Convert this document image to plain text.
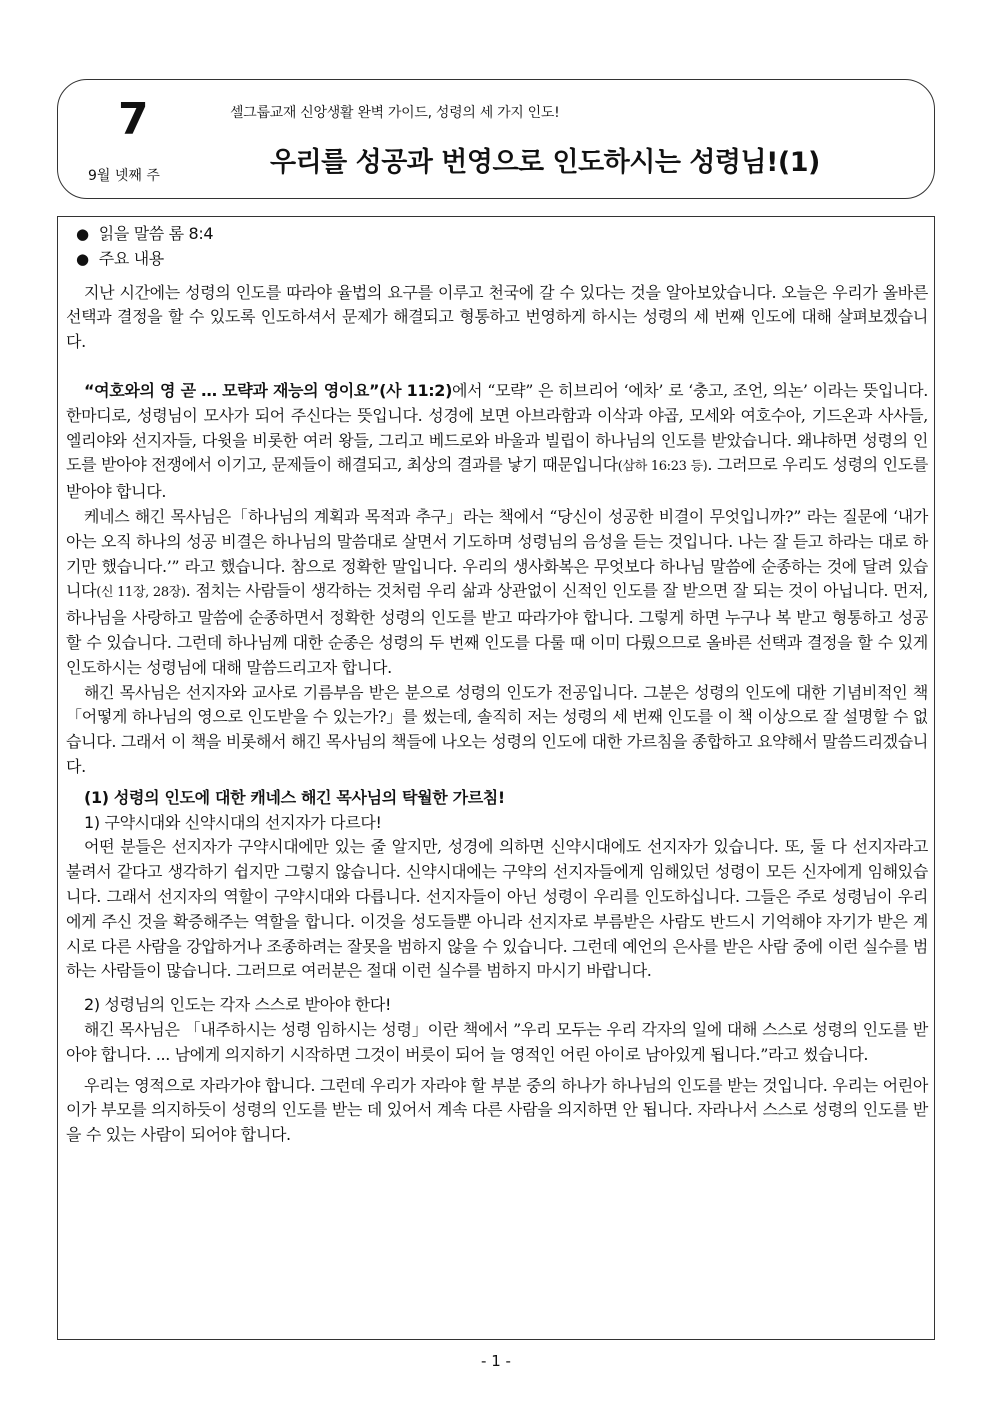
7
9월 넷째 주
셀그룹교재 신앙생활 완벽 가이드, 성령의 세 가지 인도!
우리를 성공과 번영으로 인도하시는 성령님!(1)

● 읽을 말씀 롬 8:4

● 주요 내용

지난 시간에는 성령의 인도를 따라야 율법의 요구를 이루고 천국에 갈 수 있다는 것을 알아보았습니다. 오늘은 우리가 올바른 선택과 결정을 할 수 있도록 인도하셔서 문제가 해결되고 형통하고 번영하게 하시는 성령의 세 번째 인도에 대해 살펴보겠습니다.

“여호와의 영 곧 … 모략과 재능의 영이요”(사 11:2)에서 “모략” 은 히브리어 ‘에차’ 로 ‘충고, 조언, 의논’ 이라는 뜻입니다. 한마디로, 성령님이 모사가 되어 주신다는 뜻입니다. 성경에 보면 아브라함과 이삭과 야곱, 모세와 여호수아, 기드온과 사사들, 엘리야와 선지자들, 다윗을 비롯한 여러 왕들, 그리고 베드로와 바울과 빌립이 하나님의 인도를 받았습니다. 왜냐하면 성령의 인도를 받아야 전쟁에서 이기고, 문제들이 해결되고, 최상의 결과를 낳기 때문입니다(삼하 16:23 등). 그러므로 우리도 성령의 인도를 받아야 합니다.

케네스 해긴 목사님은「하나님의 계획과 목적과 추구」라는 책에서 “당신이 성공한 비결이 무엇입니까?” 라는 질문에 ‘내가 아는 오직 하나의 성공 비결은 하나님의 말씀대로 살면서 기도하며 성령님의 음성을 듣는 것입니다. 나는 잘 듣고 하라는 대로 하기만 했습니다.’” 라고 했습니다. 참으로 정확한 말입니다. 우리의 생사화복은 무엇보다 하나님 말씀에 순종하는 것에 달려 있습니다(신 11장, 28장). 점치는 사람들이 생각하는 것처럼 우리 삶과 상관없이 신적인 인도를 잘 받으면 잘 되는 것이 아닙니다. 먼저, 하나님을 사랑하고 말씀에 순종하면서 정확한 성령의 인도를 받고 따라가야 합니다. 그렇게 하면 누구나 복 받고 형통하고 성공할 수 있습니다. 그런데 하나님께 대한 순종은 성령의 두 번째 인도를 다룰 때 이미 다뤘으므로 올바른 선택과 결정을 할 수 있게 인도하시는 성령님에 대해 말씀드리고자 합니다.

해긴 목사님은 선지자와 교사로 기름부음 받은 분으로 성령의 인도가 전공입니다. 그분은 성령의 인도에 대한 기념비적인 책「어떻게 하나님의 영으로 인도받을 수 있는가?」를 썼는데, 솔직히 저는 성령의 세 번째 인도를 이 책 이상으로 잘 설명할 수 없습니다. 그래서 이 책을 비롯해서 해긴 목사님의 책들에 나오는 성령의 인도에 대한 가르침을 종합하고 요약해서 말씀드리겠습니다.

(1) 성령의 인도에 대한 캐네스 해긴 목사님의 탁월한 가르침!

1) 구약시대와 신약시대의 선지자가 다르다!

어떤 분들은 선지자가 구약시대에만 있는 줄 알지만, 성경에 의하면 신약시대에도 선지자가 있습니다. 또, 둘 다 선지자라고 불려서 같다고 생각하기 쉽지만 그렇지 않습니다. 신약시대에는 구약의 선지자들에게 임해있던 성령이 모든 신자에게 임해있습니다. 그래서 선지자의 역할이 구약시대와 다릅니다. 선지자들이 아닌 성령이 우리를 인도하십니다. 그들은 주로 성령님이 우리에게 주신 것을 확증해주는 역할을 합니다. 이것을 성도들뿐 아니라 선지자로 부름받은 사람도 반드시 기억해야 자기가 받은 계시로 다른 사람을 강압하거나 조종하려는 잘못을 범하지 않을 수 있습니다. 그런데 예언의 은사를 받은 사람 중에 이런 실수를 범하는 사람들이 많습니다. 그러므로 여러분은 절대 이런 실수를 범하지 마시기 바랍니다.

2) 성령님의 인도는 각자 스스로 받아야 한다!

해긴 목사님은 「내주하시는 성령 임하시는 성령」이란 책에서 ”우리 모두는 우리 각자의 일에 대해 스스로 성령의 인도를 받아야 합니다. ... 남에게 의지하기 시작하면 그것이 버릇이 되어 늘 영적인 어린 아이로 남아있게 됩니다.”라고 썼습니다.

우리는 영적으로 자라가야 합니다. 그런데 우리가 자라야 할 부분 중의 하나가 하나님의 인도를 받는 것입니다. 우리는 어린아이가 부모를 의지하듯이 성령의 인도를 받는 데 있어서 계속 다른 사람을 의지하면 안 됩니다. 자라나서 스스로 성령의 인도를 받을 수 있는 사람이 되어야 합니다.

- 1 -
